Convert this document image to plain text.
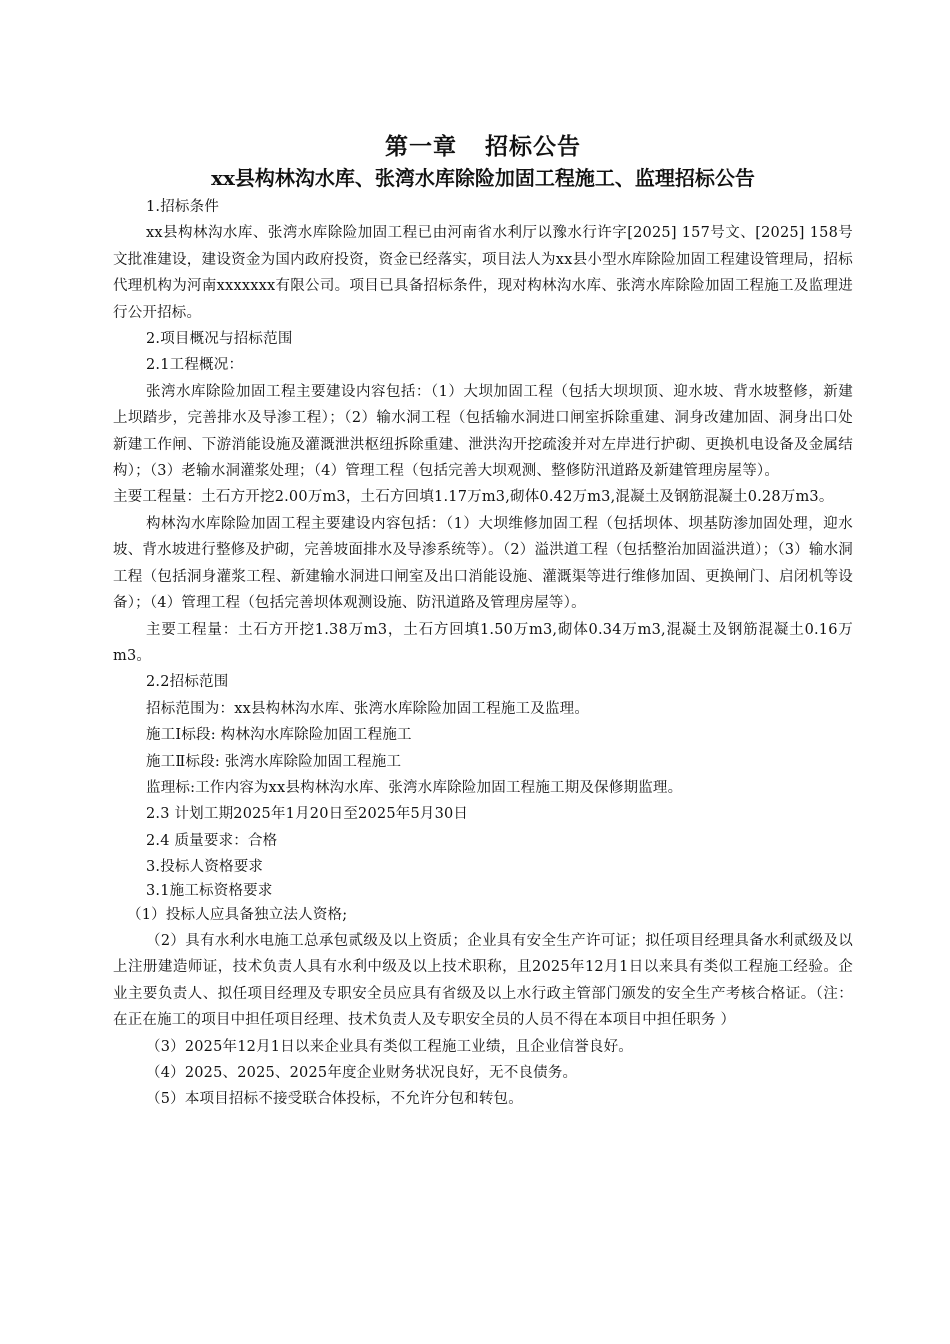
第一章 招标公告

xx县构林沟水库、张湾水库除险加固工程施工、监理招标公告

1.招标条件

xx县构林沟水库、张湾水库除险加固工程已由河南省水利厅以豫水行许字[2025] 157号文、[2025] 158号文批准建设，建设资金为国内政府投资，资金已经落实，项目法人为xx县小型水库除险加固工程建设管理局，招标代理机构为河南xxxxxxx有限公司。项目已具备招标条件，现对构林沟水库、张湾水库除险加固工程施工及监理进行公开招标。

2.项目概况与招标范围

2.1工程概况：

张湾水库除险加固工程主要建设内容包括：（1）大坝加固工程（包括大坝坝顶、迎水坡、背水坡整修，新建上坝踏步，完善排水及导渗工程）；（2）输水洞工程（包括输水洞进口闸室拆除重建、洞身改建加固、洞身出口处新建工作闸、下游消能设施及灌溉泄洪枢纽拆除重建、泄洪沟开挖疏浚并对左岸进行护砌、更换机电设备及金属结构）；（3）老输水洞灌浆处理；（4）管理工程（包括完善大坝观测、整修防汛道路及新建管理房屋等）。

主要工程量：土石方开挖2.00万m3，土石方回填1.17万m3,砌体0.42万m3,混凝土及钢筋混凝土0.28万m3。

构林沟水库除险加固工程主要建设内容包括：（1）大坝维修加固工程（包括坝体、坝基防渗加固处理，迎水坡、背水坡进行整修及护砌，完善坡面排水及导渗系统等）。（2）溢洪道工程（包括整治加固溢洪道）；（3）输水洞工程（包括洞身灌浆工程、新建输水洞进口闸室及出口消能设施、灌溉渠等进行维修加固、更换闸门、启闭机等设备）；（4）管理工程（包括完善坝体观测设施、防汛道路及管理房屋等）。

主要工程量：土石方开挖1.38万m3，土石方回填1.50万m3,砌体0.34万m3,混凝土及钢筋混凝土0.16万m3。

2.2招标范围

招标范围为：xx县构林沟水库、张湾水库除险加固工程施工及监理。

施工Ⅰ标段: 构林沟水库除险加固工程施工

施工Ⅱ标段: 张湾水库除险加固工程施工

监理标:工作内容为xx县构林沟水库、张湾水库除险加固工程施工期及保修期监理。

2.3 计划工期2025年1月20日至2025年5月30日

2.4 质量要求：合格

3.投标人资格要求

3.1施工标资格要求

（1）投标人应具备独立法人资格;

（2）具有水利水电施工总承包贰级及以上资质；企业具有安全生产许可证；拟任项目经理具备水利贰级及以上注册建造师证，技术负责人具有水利中级及以上技术职称，且2025年12月1日以来具有类似工程施工经验。企业主要负责人、拟任项目经理及专职安全员应具有省级及以上水行政主管部门颁发的安全生产考核合格证。（注：在正在施工的项目中担任项目经理、技术负责人及专职安全员的人员不得在本项目中担任职务 ）

（3）2025年12月1日以来企业具有类似工程施工业绩，且企业信誉良好。

（4）2025、2025、2025年度企业财务状况良好，无不良债务。

（5）本项目招标不接受联合体投标，不允许分包和转包。
